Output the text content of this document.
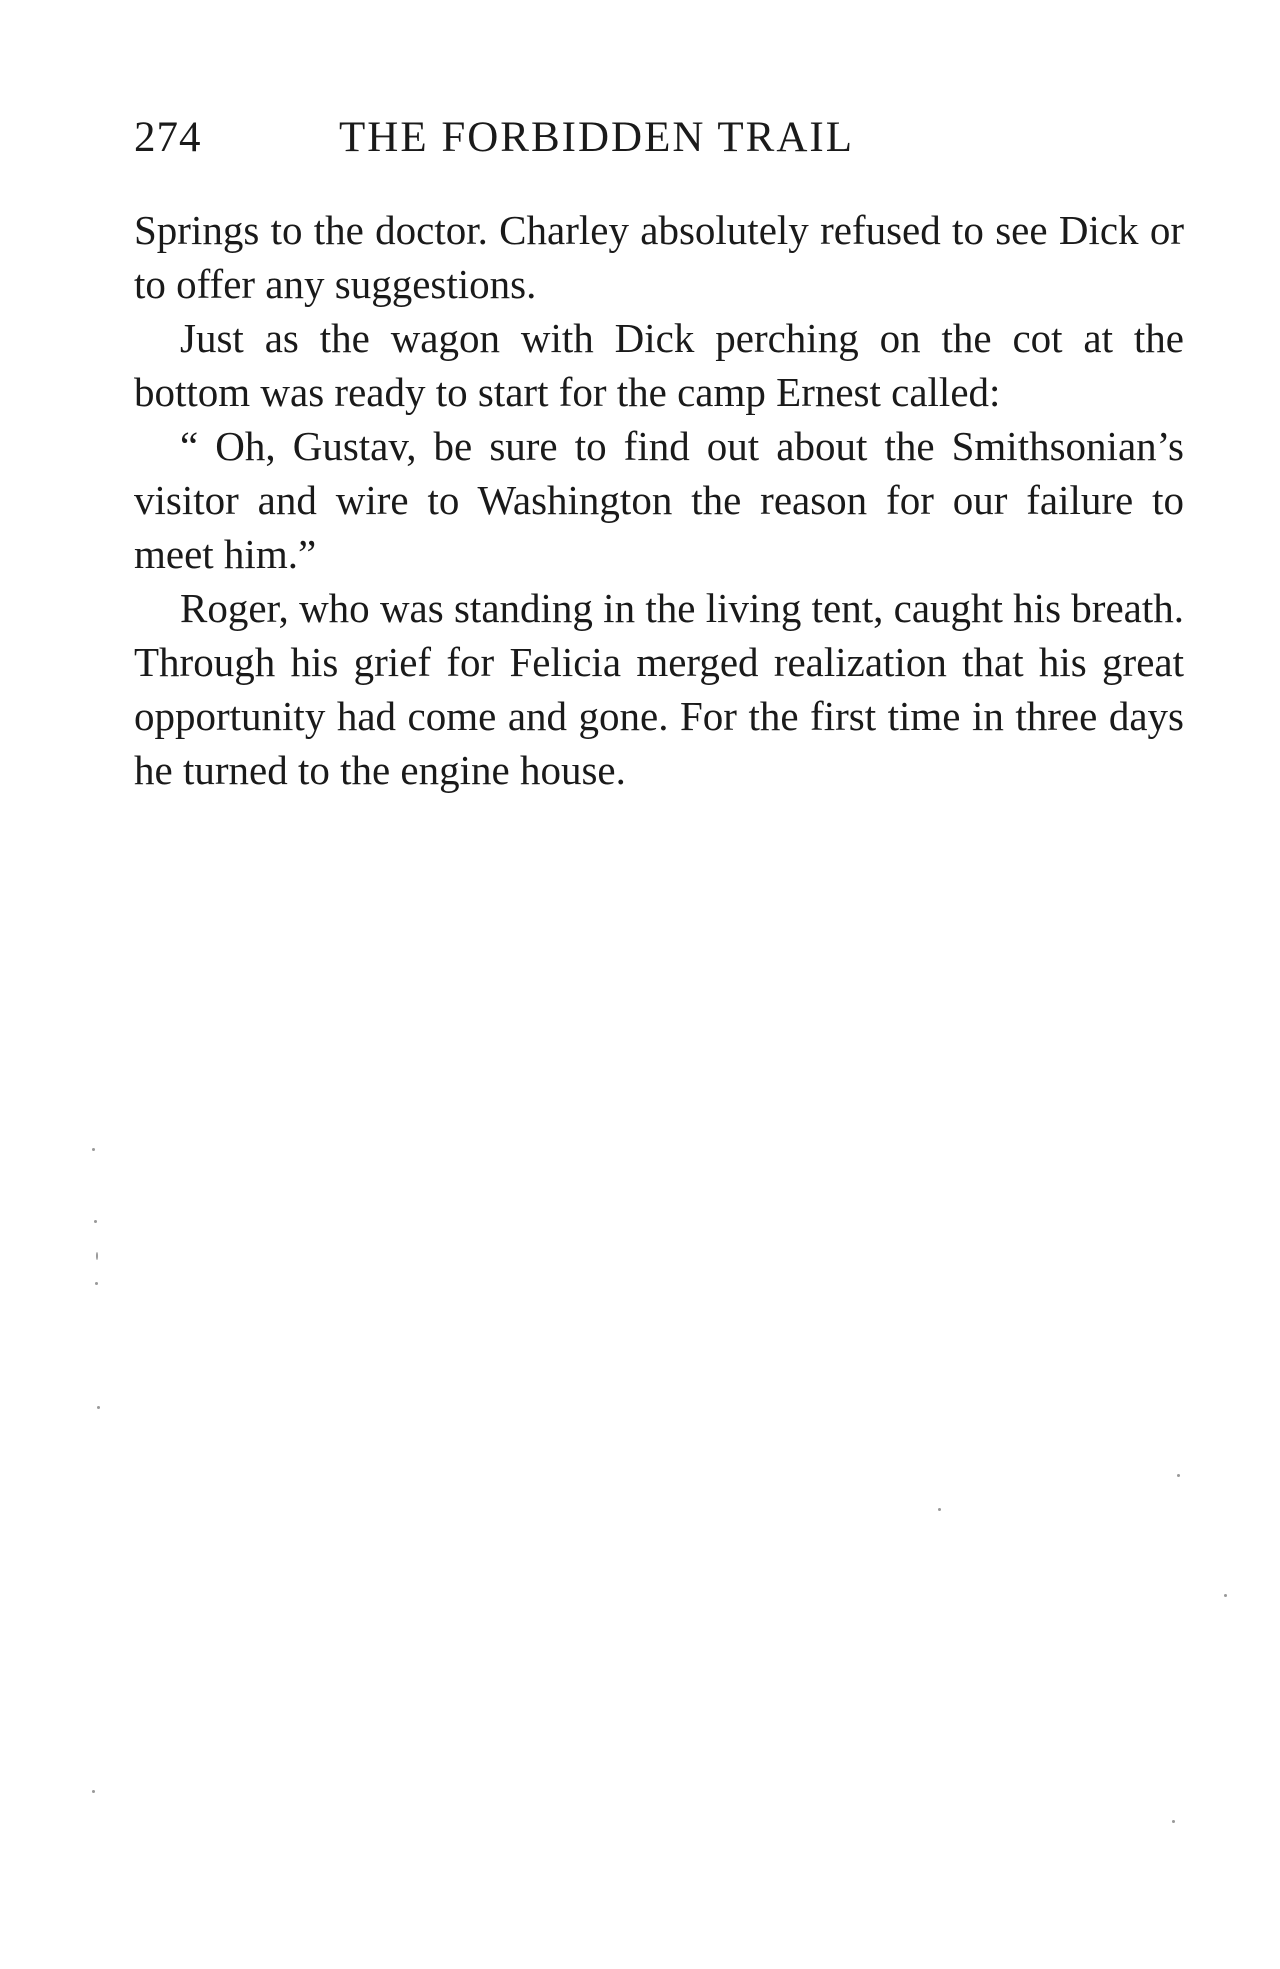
274	THE FORBIDDEN TRAIL

Springs to the doctor. Charley absolutely refused to see Dick or to offer any suggestions.

Just as the wagon with Dick perching on the cot at the bottom was ready to start for the camp Ernest called:

“ Oh, Gustav, be sure to find out about the Smithsonian’s visitor and wire to Washington the reason for our failure to meet him.”

Roger, who was standing in the living tent, caught his breath. Through his grief for Felicia merged realization that his great opportunity had come and gone. For the first time in three days he turned to the engine house.
